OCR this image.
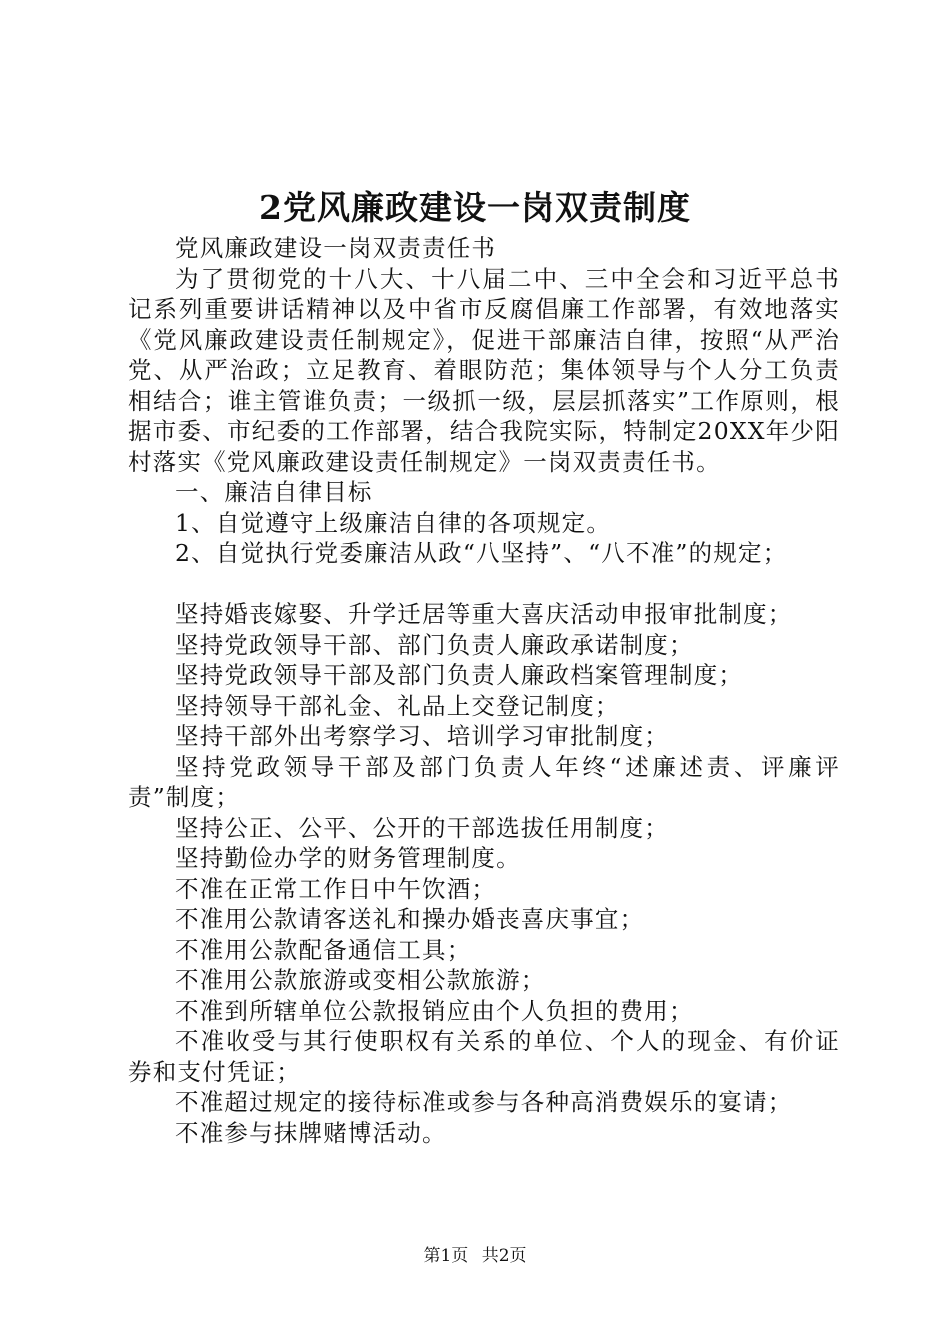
2党风廉政建设一岗双责制度

党风廉政建设一岗双责责任书

为了贯彻党的十八大、十八届二中、三中全会和习近平总书记系列重要讲话精神以及中省市反腐倡廉工作部署，有效地落实《党风廉政建设责任制规定》，促进干部廉洁自律，按照“从严治党、从严治政；立足教育、着眼防范；集体领导与个人分工负责相结合；谁主管谁负责；一级抓一级，层层抓落实”工作原则，根据市委、市纪委的工作部署，结合我院实际，特制定20XX年少阳村落实《党风廉政建设责任制规定》一岗双责责任书。

一、廉洁自律目标

1、自觉遵守上级廉洁自律的各项规定。

2、自觉执行党委廉洁从政“八坚持”、“八不准”的规定；

坚持婚丧嫁娶、升学迁居等重大喜庆活动申报审批制度；

坚持党政领导干部、部门负责人廉政承诺制度；

坚持党政领导干部及部门负责人廉政档案管理制度；

坚持领导干部礼金、礼品上交登记制度；

坚持干部外出考察学习、培训学习审批制度；

坚持党政领导干部及部门负责人年终“述廉述责、评廉评责”制度；

坚持公正、公平、公开的干部选拔任用制度；

坚持勤俭办学的财务管理制度。

不准在正常工作日中午饮酒；

不准用公款请客送礼和操办婚丧喜庆事宜；

不准用公款配备通信工具；

不准用公款旅游或变相公款旅游；

不准到所辖单位公款报销应由个人负担的费用；

不准收受与其行使职权有关系的单位、个人的现金、有价证券和支付凭证；

不准超过规定的接待标准或参与各种高消费娱乐的宴请；

不准参与抹牌赌博活动。

第1页 共2页
